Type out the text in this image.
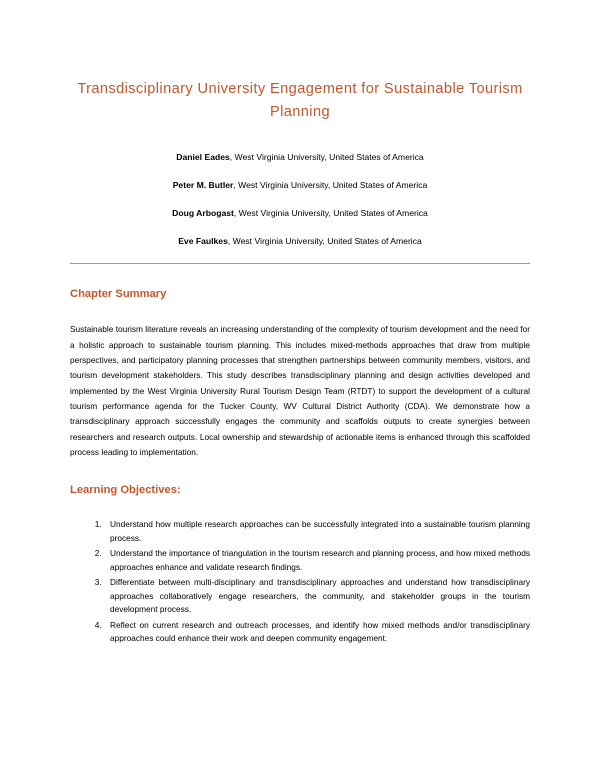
Transdisciplinary University Engagement for Sustainable Tourism Planning
Daniel Eades, West Virginia University, United States of America
Peter M. Butler, West Virginia University, United States of America
Doug Arbogast, West Virginia University, United States of America
Eve Faulkes, West Virginia University, United States of America
Chapter Summary

Sustainable tourism literature reveals an increasing understanding of the complexity of tourism development and the need for a holistic approach to sustainable tourism planning. This includes mixed-methods approaches that draw from multiple perspectives, and participatory planning processes that strengthen partnerships between community members, visitors, and tourism development stakeholders. This study describes transdisciplinary planning and design activities developed and implemented by the West Virginia University Rural Tourism Design Team (RTDT) to support the development of a cultural tourism performance agenda for the Tucker County, WV Cultural District Authority (CDA). We demonstrate how a transdisciplinary approach successfully engages the community and scaffolds outputs to create synergies between researchers and research outputs. Local ownership and stewardship of actionable items is enhanced through this scaffolded process leading to implementation.

Learning Objectives:
1. Understand how multiple research approaches can be successfully integrated into a sustainable tourism planning process.
2. Understand the importance of triangulation in the tourism research and planning process, and how mixed methods approaches enhance and validate research findings.
3. Differentiate between multi-disciplinary and transdisciplinary approaches and understand how transdisciplinary approaches collaboratively engage researchers, the community, and stakeholder groups in the tourism development process.
4. Reflect on current research and outreach processes, and identify how mixed methods and/or transdisciplinary approaches could enhance their work and deepen community engagement.
